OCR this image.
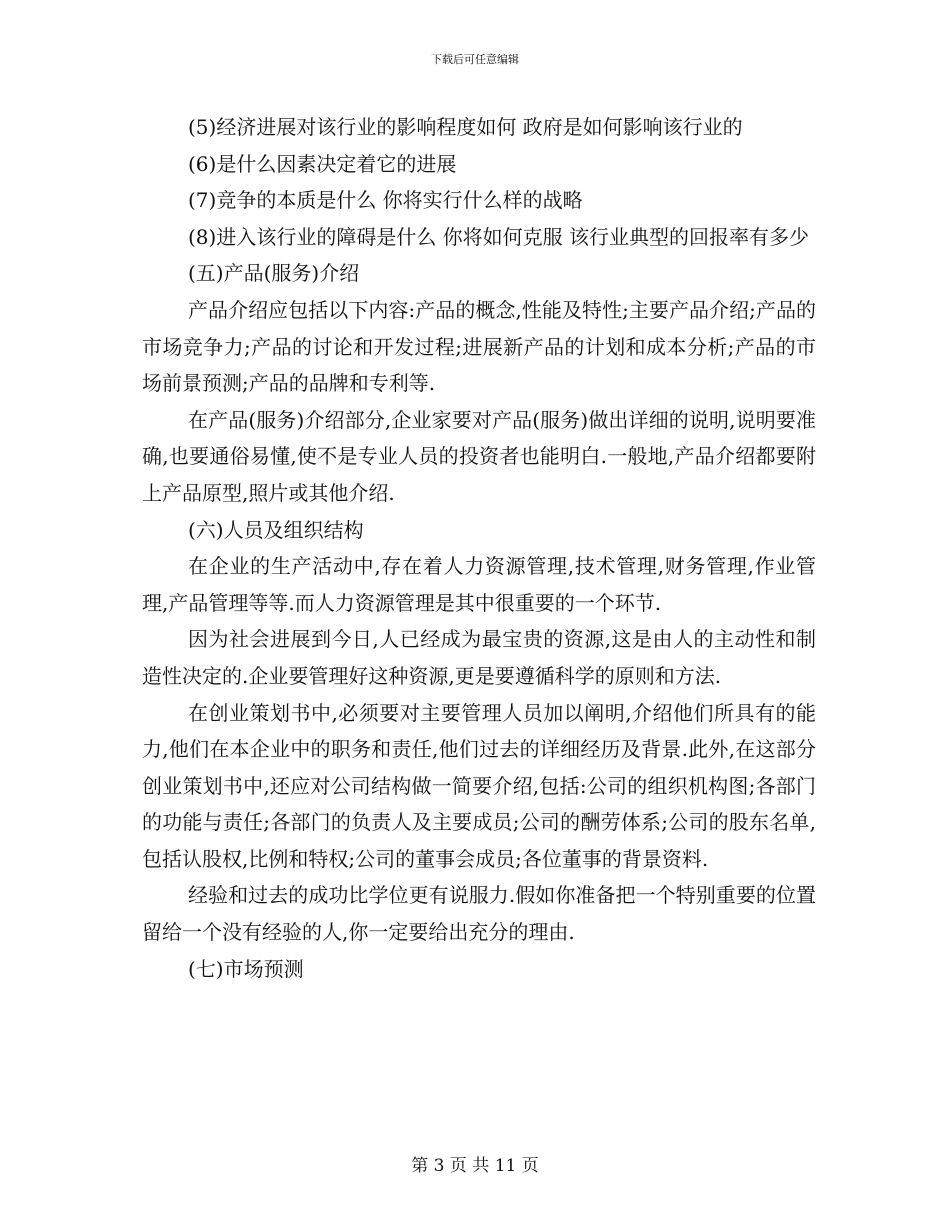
下载后可任意编辑

(5)经济进展对该行业的影响程度如何 政府是如何影响该行业的

(6)是什么因素决定着它的进展

(7)竞争的本质是什么 你将实行什么样的战略

(8)进入该行业的障碍是什么 你将如何克服 该行业典型的回报率有多少

(五)产品(服务)介绍

产品介绍应包括以下内容:产品的概念,性能及特性;主要产品介绍;产品的市场竞争力;产品的讨论和开发过程;进展新产品的计划和成本分析;产品的市场前景预测;产品的品牌和专利等.

在产品(服务)介绍部分,企业家要对产品(服务)做出详细的说明,说明要准确,也要通俗易懂,使不是专业人员的投资者也能明白.一般地,产品介绍都要附上产品原型,照片或其他介绍.

(六)人员及组织结构

在企业的生产活动中,存在着人力资源管理,技术管理,财务管理,作业管理,产品管理等等.而人力资源管理是其中很重要的一个环节.

因为社会进展到今日,人已经成为最宝贵的资源,这是由人的主动性和制造性决定的.企业要管理好这种资源,更是要遵循科学的原则和方法.

在创业策划书中,必须要对主要管理人员加以阐明,介绍他们所具有的能力,他们在本企业中的职务和责任,他们过去的详细经历及背景.此外,在这部分创业策划书中,还应对公司结构做一简要介绍,包括:公司的组织机构图;各部门的功能与责任;各部门的负责人及主要成员;公司的酬劳体系;公司的股东名单,包括认股权,比例和特权;公司的董事会成员;各位董事的背景资料.

经验和过去的成功比学位更有说服力.假如你准备把一个特别重要的位置留给一个没有经验的人,你一定要给出充分的理由.

(七)市场预测

第 3 页 共 11 页
